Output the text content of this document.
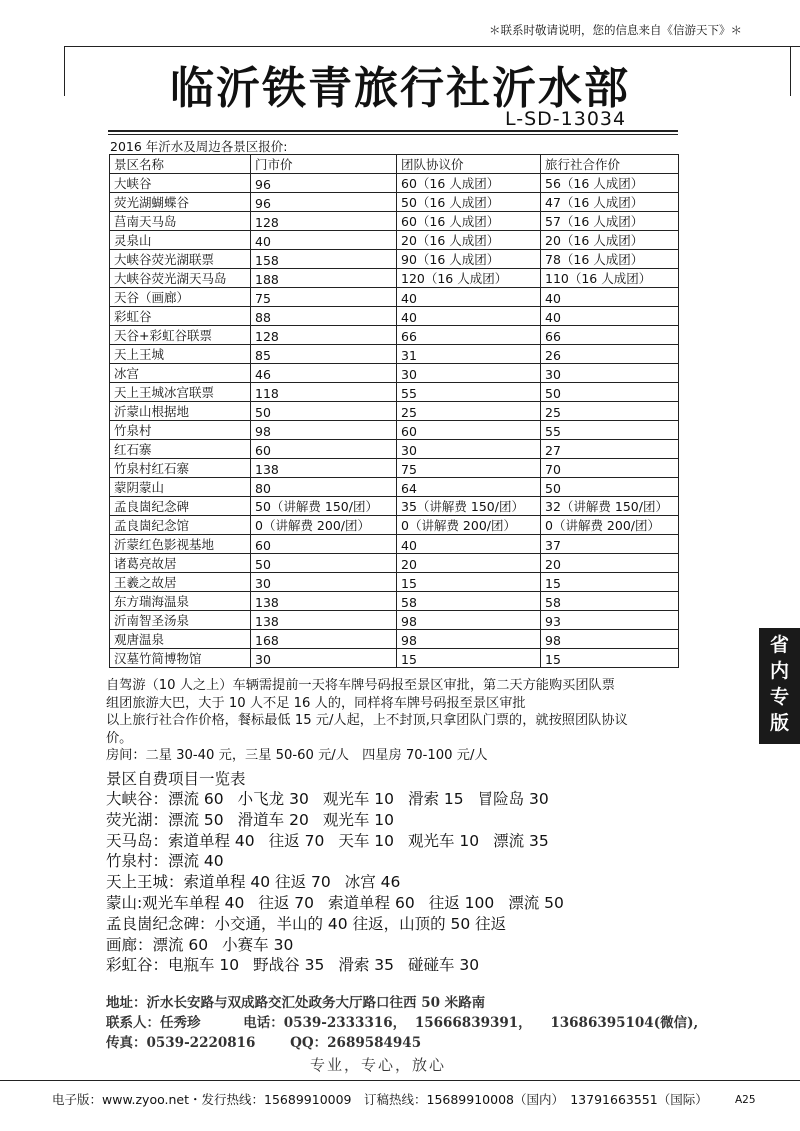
＊联系时敬请说明，您的信息来自《信游天下》＊
临沂铁青旅行社沂水部
L-SD-13034
2016 年沂水及周边各景区报价:
景区名称	门市价	团队协议价	旅行社合作价
大峡谷	96	60（16 人成团）	56（16 人成团）
荧光湖蝴蝶谷	96	50（16 人成团）	47（16 人成团）
莒南天马岛	128	60（16 人成团）	57（16 人成团）
灵泉山	40	20（16 人成团）	20（16 人成团）
大峡谷荧光湖联票	158	90（16 人成团）	78（16 人成团）
大峡谷荧光湖天马岛	188	120（16 人成团）	110（16 人成团）
天谷（画廊）	75	40	40
彩虹谷	88	40	40
天谷+彩虹谷联票	128	66	66
天上王城	85	31	26
冰宫	46	30	30
天上王城冰宫联票	118	55	50
沂蒙山根据地	50	25	25
竹泉村	98	60	55
红石寨	60	30	27
竹泉村红石寨	138	75	70
蒙阴蒙山	80	64	50
孟良崮纪念碑	50（讲解费 150/团）	35（讲解费 150/团）	32（讲解费 150/团）
孟良崮纪念馆	0（讲解费 200/团）	0（讲解费 200/团）	0（讲解费 200/团）
沂蒙红色影视基地	60	40	37
诸葛亮故居	50	20	20
王羲之故居	30	15	15
东方瑞海温泉	138	58	58
沂南智圣汤泉	138	98	93
观唐温泉	168	98	98
汉墓竹简博物馆	30	15	15
自驾游（10 人之上）车辆需提前一天将车牌号码报至景区审批，第二天方能购买团队票
组团旅游大巴，大于 10 人不足 16 人的，同样将车牌号码报至景区审批
以上旅行社合作价格，餐标最低 15 元/人起，上不封顶,只拿团队门票的，就按照团队协议
价。
房间：二星 30-40 元，三星 50-60 元/人　四星房 70-100 元/人
景区自费项目一览表
大峡谷：漂流 60 小飞龙 30 观光车 10 滑索 15 冒险岛 30
荧光湖：漂流 50 滑道车 20 观光车 10
天马岛：索道单程 40 往返 70 天车 10 观光车 10 漂流 35
竹泉村：漂流 40
天上王城：索道单程 40 往返 70 冰宫 46
蒙山:观光车单程 40 往返 70 索道单程 60 往返 100 漂流 50
孟良崮纪念碑：小交通，半山的 40 往返，山顶的 50 往返
画廊：漂流 60 小赛车 30
彩虹谷：电瓶车 10 野战谷 35 滑索 35 碰碰车 30
地址：沂水长安路与双成路交汇处政务大厅路口往西 50 米路南
联系人：任秀珍	电话：0539-2333316， 15666839391， 13686395104(微信),
传真：0539-2220816	QQ：2689584945
专业，专心，放心
电子版：www.zyoo.net・发行热线：15689910009　订稿热线：15689910008（国内）　13791663551（国际）	A25
省
内
专
版
